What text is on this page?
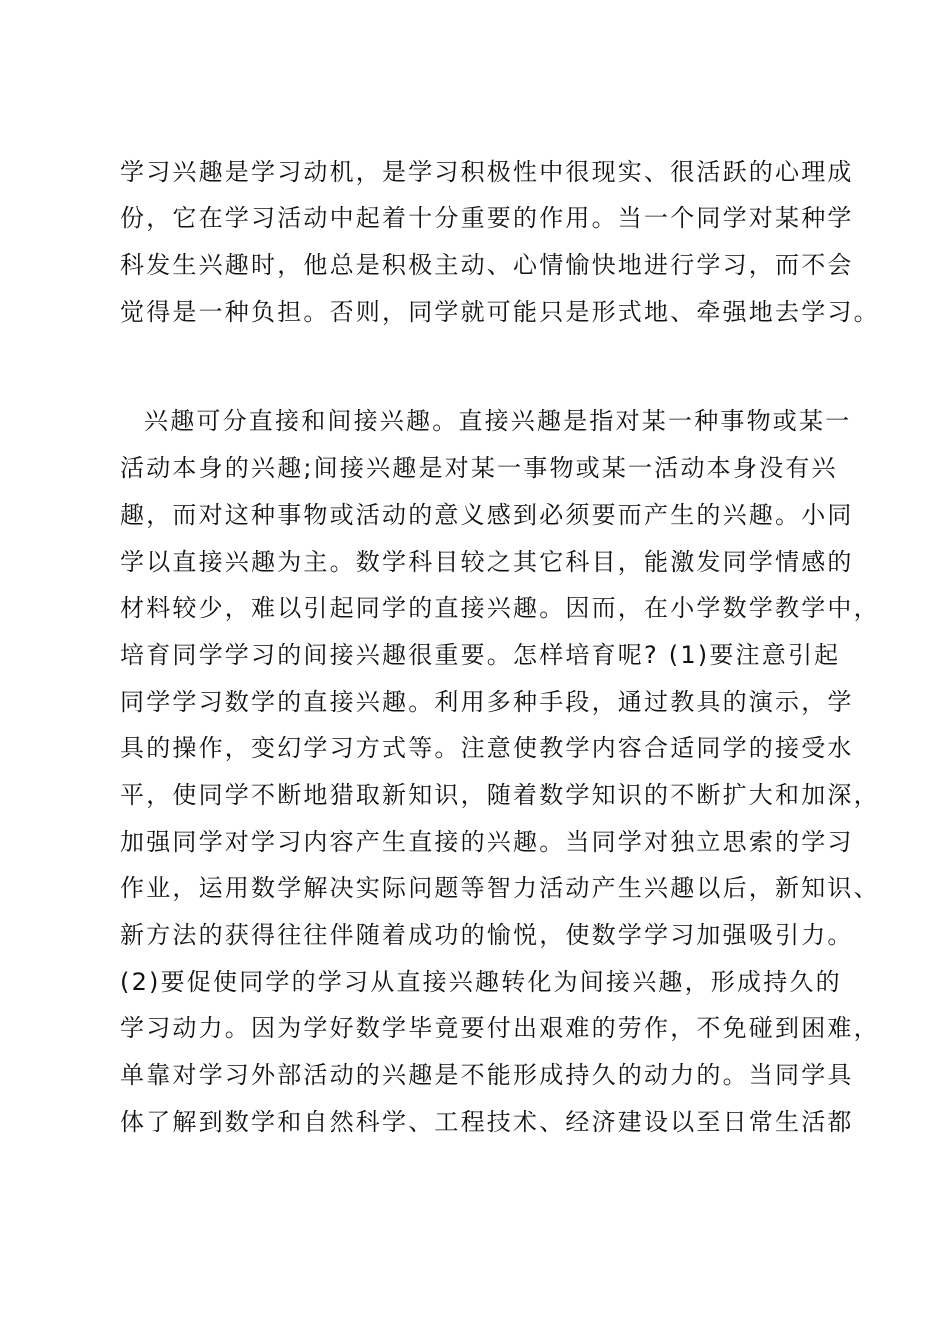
学习兴趣是学习动机，是学习积极性中很现实、很活跃的心理成
份，它在学习活动中起着十分重要的作用。当一个同学对某种学
科发生兴趣时，他总是积极主动、心情愉快地进行学习，而不会
觉得是一种负担。否则，同学就可能只是形式地、牵强地去学习。
兴趣可分直接和间接兴趣。直接兴趣是指对某一种事物或某一
活动本身的兴趣;间接兴趣是对某一事物或某一活动本身没有兴
趣，而对这种事物或活动的意义感到必须要而产生的兴趣。小同
学以直接兴趣为主。数学科目较之其它科目，能激发同学情感的
材料较少，难以引起同学的直接兴趣。因而，在小学数学教学中，
培育同学学习的间接兴趣很重要。怎样培育呢? (1)要注意引起
同学学习数学的直接兴趣。利用多种手段，通过教具的演示，学
具的操作，变幻学习方式等。注意使教学内容合适同学的接受水
平，使同学不断地猎取新知识，随着数学知识的不断扩大和加深，
加强同学对学习内容产生直接的兴趣。当同学对独立思索的学习
作业，运用数学解决实际问题等智力活动产生兴趣以后，新知识、
新方法的获得往往伴随着成功的愉悦，使数学学习加强吸引力。
(2)要促使同学的学习从直接兴趣转化为间接兴趣，形成持久的
学习动力。因为学好数学毕竟要付出艰难的劳作，不免碰到困难，
单靠对学习外部活动的兴趣是不能形成持久的动力的。当同学具
体了解到数学和自然科学、工程技术、经济建设以至日常生活都
